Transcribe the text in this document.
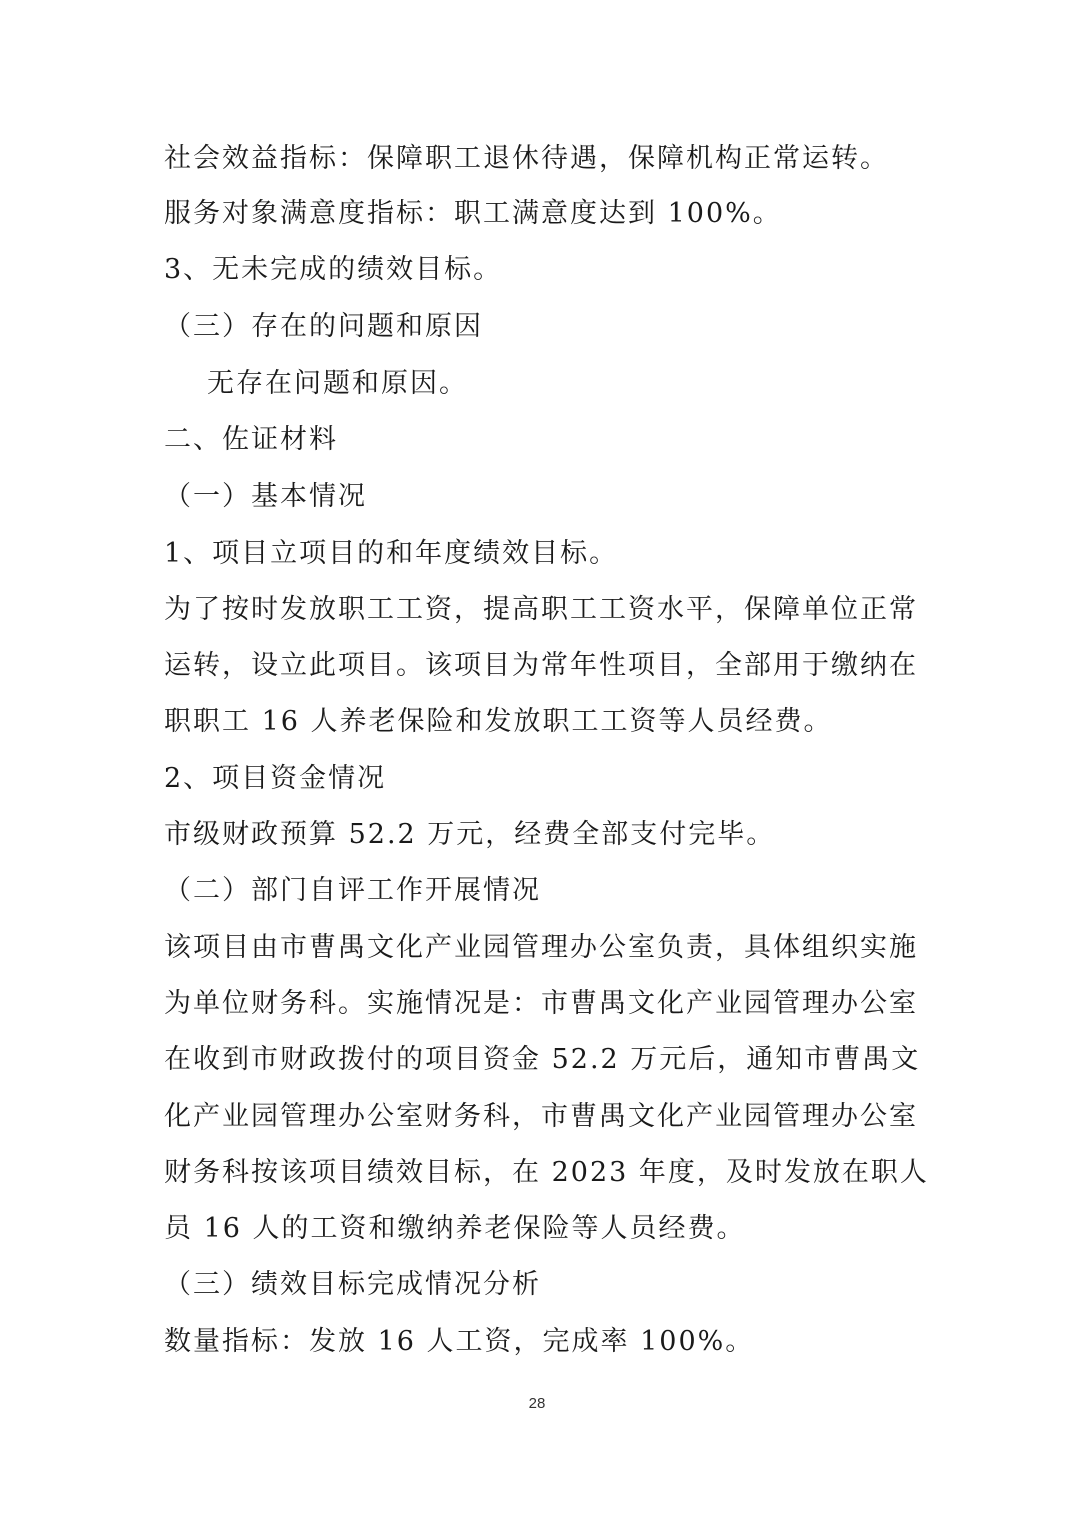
社会效益指标：保障职工退休待遇，保障机构正常运转。
服务对象满意度指标：职工满意度达到 100%。
3、无未完成的绩效目标。
（三）存在的问题和原因
无存在问题和原因。
二、佐证材料
（一）基本情况
1、项目立项目的和年度绩效目标。
为了按时发放职工工资，提高职工工资水平，保障单位正常
运转，设立此项目。该项目为常年性项目，全部用于缴纳在
职职工 16 人养老保险和发放职工工资等人员经费。
2、项目资金情况
市级财政预算 52.2 万元，经费全部支付完毕。
（二）部门自评工作开展情况
该项目由市曹禺文化产业园管理办公室负责，具体组织实施
为单位财务科。实施情况是：市曹禺文化产业园管理办公室
在收到市财政拨付的项目资金 52.2 万元后，通知市曹禺文
化产业园管理办公室财务科，市曹禺文化产业园管理办公室
财务科按该项目绩效目标，在 2023 年度，及时发放在职人
员 16 人的工资和缴纳养老保险等人员经费。
（三）绩效目标完成情况分析
数量指标：发放 16 人工资，完成率 100%。
28
